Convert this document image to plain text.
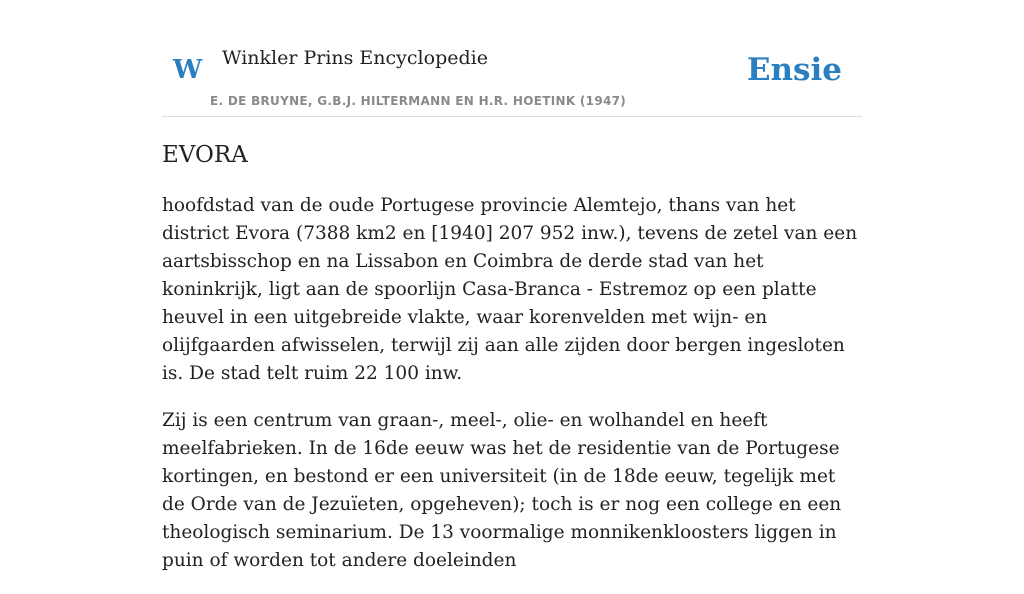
W Winkler Prins Encyclopedie
E. DE BRUYNE, G.B.J. HILTERMANN EN H.R. HOETINK (1947)
Ensie
EVORA

hoofdstad van de oude Portugese provincie Alemtejo, thans van het district Evora (7388 km2 en [1940] 207 952 inw.), tevens de zetel van een aartsbisschop en na Lissabon en Coimbra de derde stad van het koninkrijk, ligt aan de spoorlijn Casa-Branca - Estremoz op een platte heuvel in een uitgebreide vlakte, waar korenvelden met wijn- en olijfgaarden afwisselen, terwijl zij aan alle zijden door bergen ingesloten is. De stad telt ruim 22 100 inw.

Zij is een centrum van graan-, meel-, olie- en wolhandel en heeft meelfabrieken. In de 16de eeuw was het de residentie van de Portugese kortingen, en bestond er een universiteit (in de 18de eeuw, tegelijk met de Orde van de Jezuïeten, opgeheven); toch is er nog een college en een theologisch seminarium. De 13 voormalige monnikenkloosters liggen in puin of worden tot andere doeleinden
